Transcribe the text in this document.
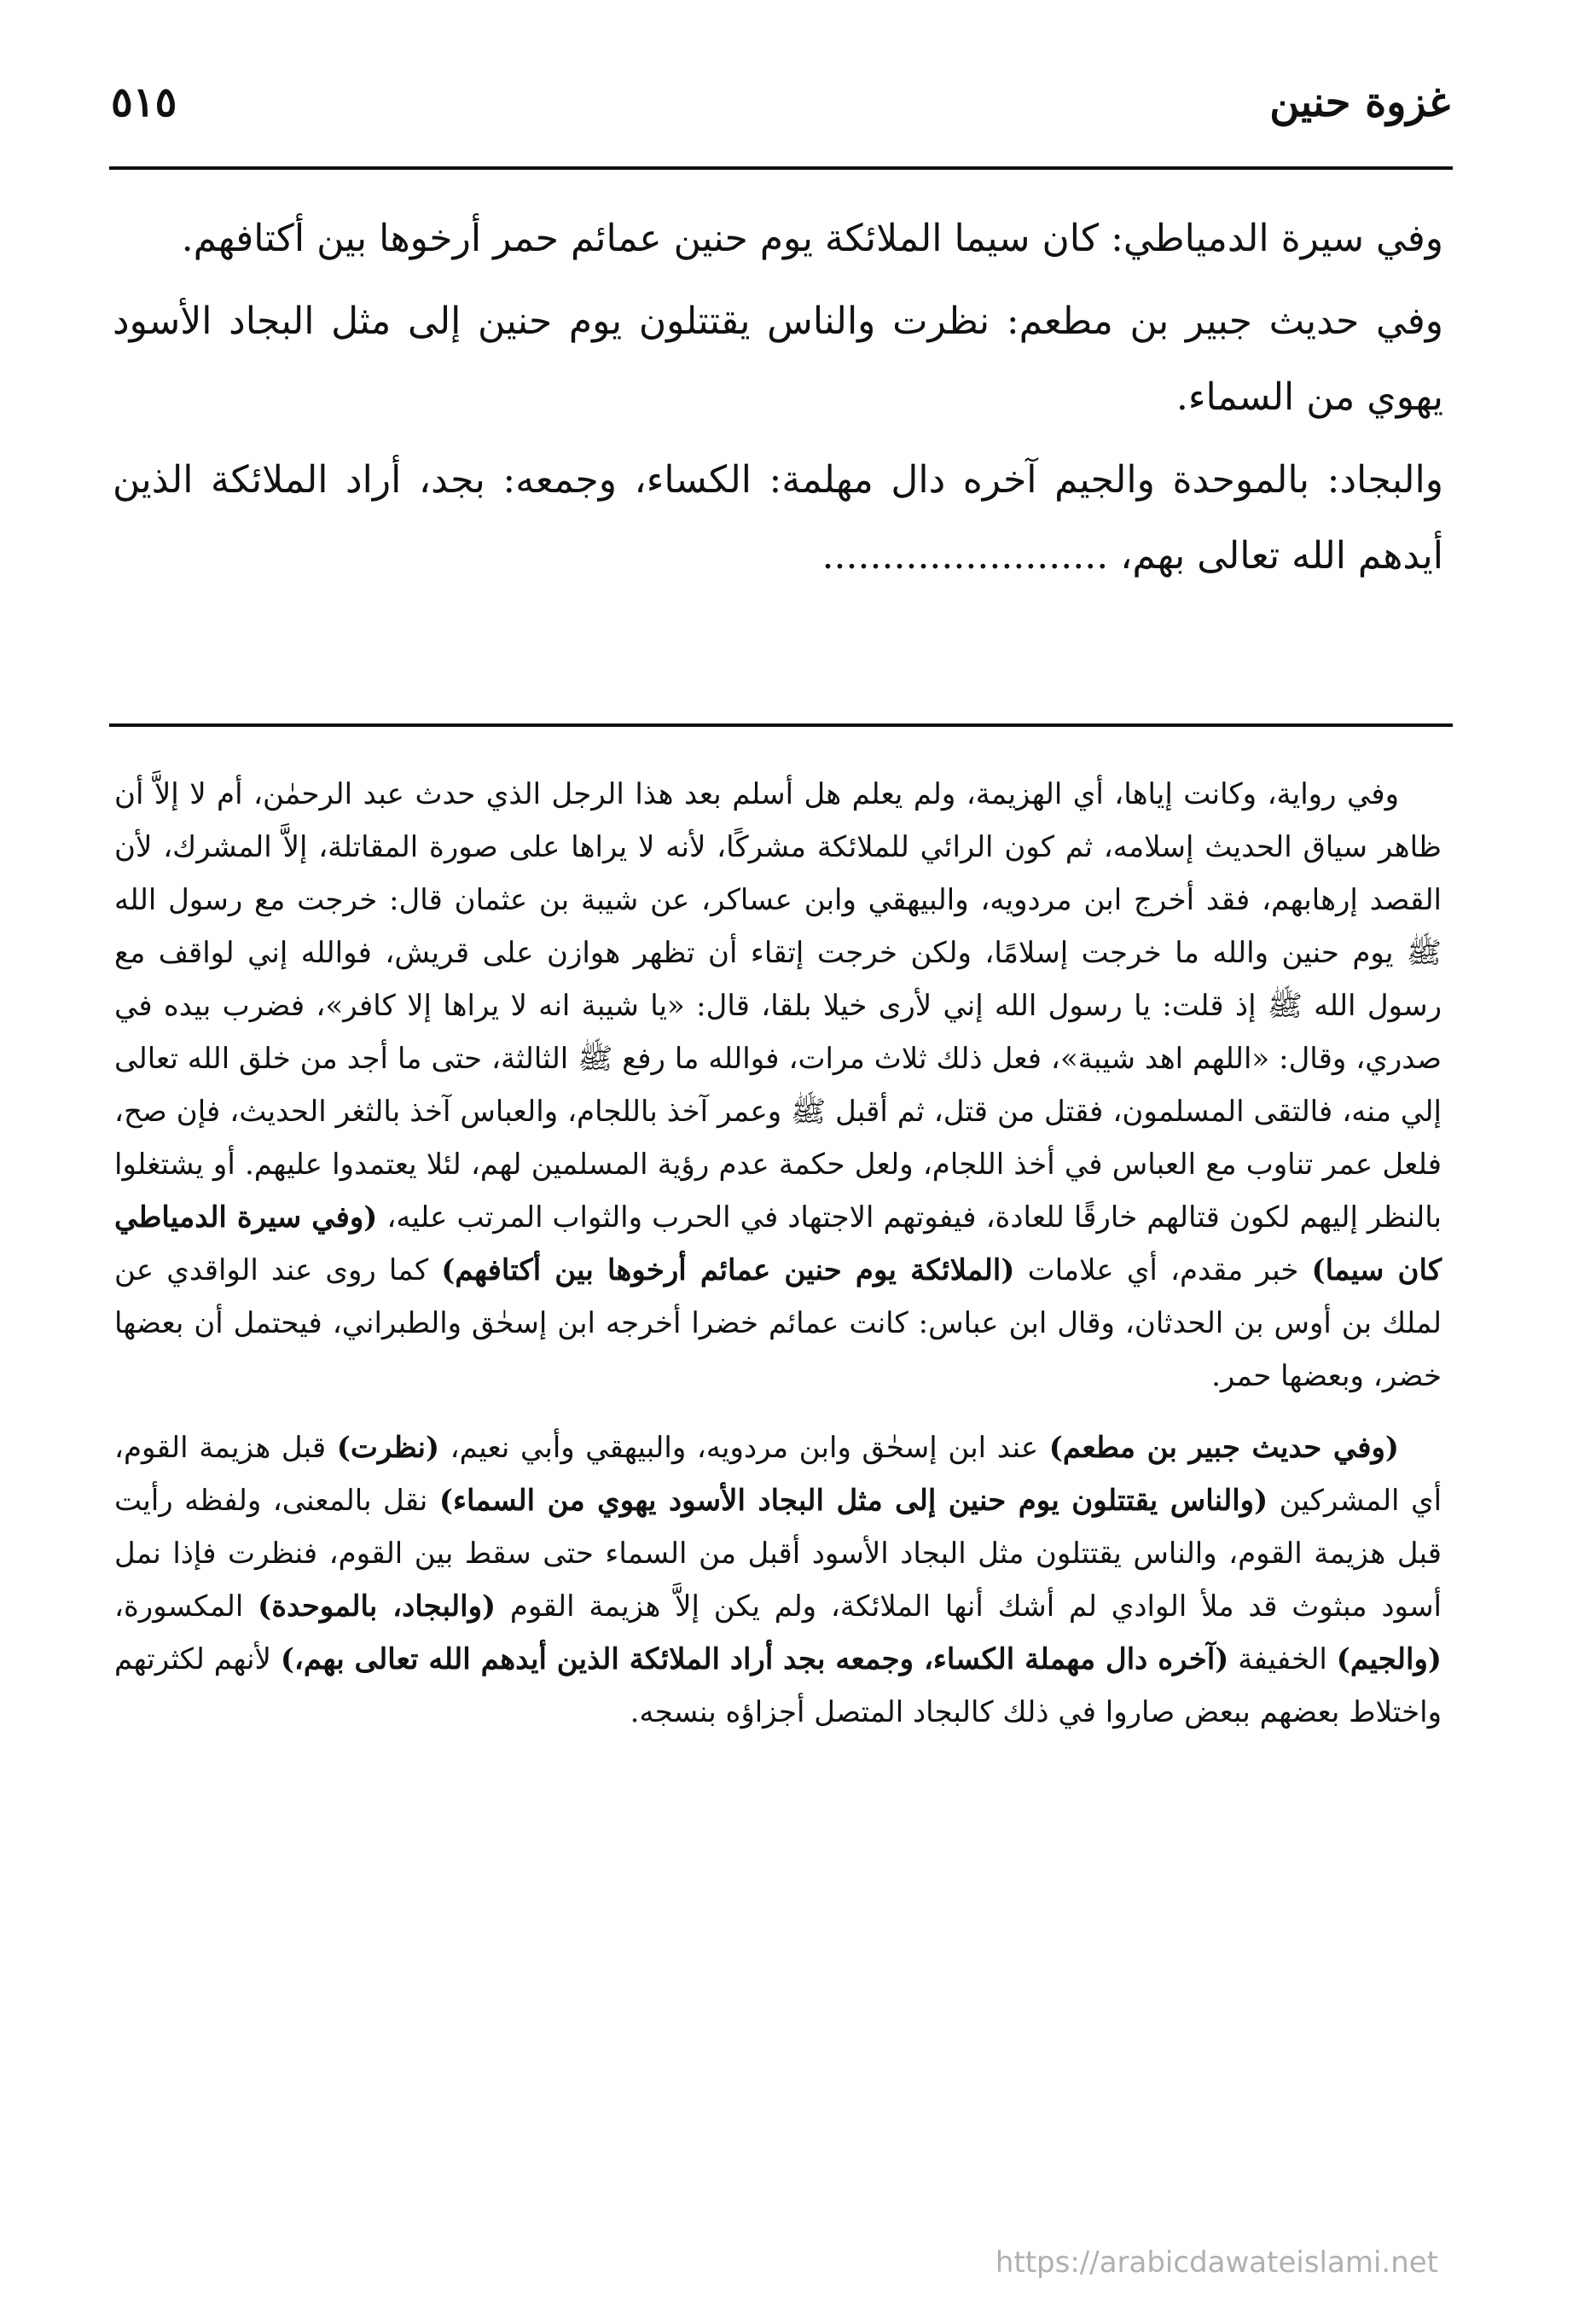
غزوة حنين
٥١٥

وفي سيرة الدمياطي: كان سيما الملائكة يوم حنين عمائم حمر أرخوها بين أكتافهم.

وفي حديث جبير بن مطعم: نظرت والناس يقتتلون يوم حنين إلى مثل البجاد الأسود يهوي من السماء.

والبجاد: بالموحدة والجيم آخره دال مهلمة: الكساء، وجمعه: بجد، أراد الملائكة الذين أيدهم الله تعالى بهم، ........................

وفي رواية، وكانت إياها، أي الهزيمة، ولم يعلم هل أسلم بعد هذا الرجل الذي حدث عبد الرحمٰن، أم لا إلاَّ أن ظاهر سياق الحديث إسلامه، ثم كون الرائي للملائكة مشركًا، لأنه لا يراها على صورة المقاتلة، إلاَّ المشرك، لأن القصد إرهابهم، فقد أخرج ابن مردويه، والبيهقي وابن عساكر، عن شيبة بن عثمان قال: خرجت مع رسول الله ﷺ يوم حنين والله ما خرجت إسلامًا، ولكن خرجت إتقاء أن تظهر هوازن على قريش، فوالله إني لواقف مع رسول الله ﷺ إذ قلت: يا رسول الله إني لأرى خيلا بلقا، قال: «يا شيبة انه لا يراها إلا كافر»، فضرب بيده في صدري، وقال: «اللهم اهد شيبة»، فعل ذلك ثلاث مرات، فوالله ما رفع ﷺ الثالثة، حتى ما أجد من خلق الله تعالى إلي منه، فالتقى المسلمون، فقتل من قتل، ثم أقبل ﷺ وعمر آخذ باللجام، والعباس آخذ بالثغر الحديث، فإن صح، فلعل عمر تناوب مع العباس في أخذ اللجام، ولعل حكمة عدم رؤية المسلمين لهم، لئلا يعتمدوا عليهم. أو يشتغلوا بالنظر إليهم لكون قتالهم خارقًا للعادة، فيفوتهم الاجتهاد في الحرب والثواب المرتب عليه، (وفي سيرة الدمياطي كان سيما) خبر مقدم، أي علامات (الملائكة يوم حنين عمائم أرخوها بين أكتافهم) كما روى عند الواقدي عن لملك بن أوس بن الحدثان، وقال ابن عباس: كانت عمائم خضرا أخرجه ابن إسحٰق والطبراني، فيحتمل أن بعضها خضر، وبعضها حمر.

(وفي حديث جبير بن مطعم) عند ابن إسحٰق وابن مردويه، والبيهقي وأبي نعيم، (نظرت) قبل هزيمة القوم، أي المشركين (والناس يقتتلون يوم حنين إلى مثل البجاد الأسود يهوي من السماء) نقل بالمعنى، ولفظه رأيت قبل هزيمة القوم، والناس يقتتلون مثل البجاد الأسود أقبل من السماء حتى سقط بين القوم، فنظرت فإذا نمل أسود مبثوث قد ملأ الوادي لم أشك أنها الملائكة، ولم يكن إلاَّ هزيمة القوم (والبجاد، بالموحدة) المكسورة، (والجيم) الخفيفة (آخره دال مهملة الكساء، وجمعه بجد أراد الملائكة الذين أيدهم الله تعالى بهم،) لأنهم لكثرتهم واختلاط بعضهم ببعض صاروا في ذلك كالبجاد المتصل أجزاؤه بنسجه.

https://arabicdawateislami.net
